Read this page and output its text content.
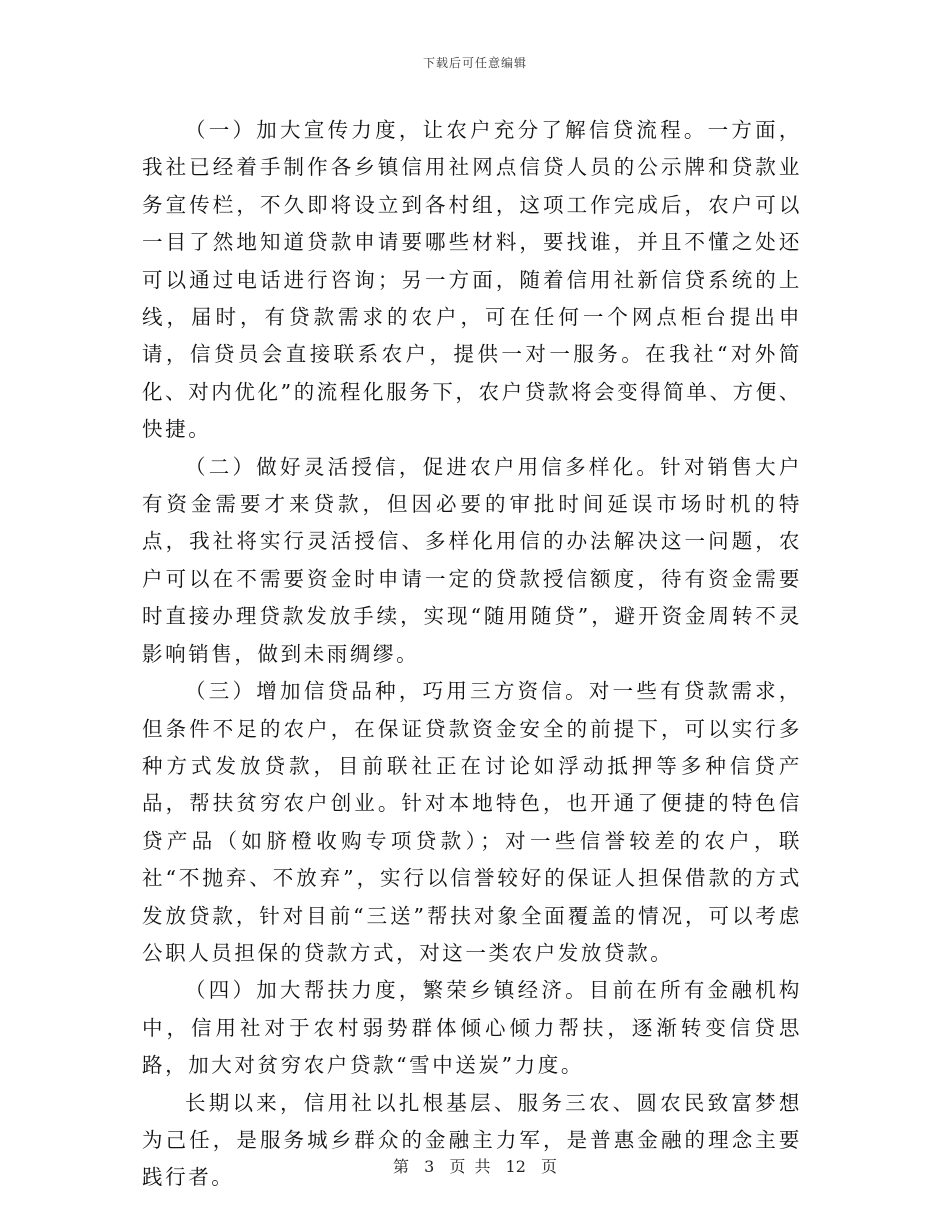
下载后可任意编辑

（一）加大宣传力度，让农户充分了解信贷流程。一方面，我社已经着手制作各乡镇信用社网点信贷人员的公示牌和贷款业务宣传栏，不久即将设立到各村组，这项工作完成后，农户可以一目了然地知道贷款申请要哪些材料，要找谁，并且不懂之处还可以通过电话进行咨询；另一方面，随着信用社新信贷系统的上线，届时，有贷款需求的农户，可在任何一个网点柜台提出申请，信贷员会直接联系农户，提供一对一服务。在我社“对外简化、对内优化”的流程化服务下，农户贷款将会变得简单、方便、快捷。

（二）做好灵活授信，促进农户用信多样化。针对销售大户有资金需要才来贷款，但因必要的审批时间延误市场时机的特点，我社将实行灵活授信、多样化用信的办法解决这一问题，农户可以在不需要资金时申请一定的贷款授信额度，待有资金需要时直接办理贷款发放手续，实现“随用随贷”，避开资金周转不灵影响销售，做到未雨绸缪。

（三）增加信贷品种，巧用三方资信。对一些有贷款需求，但条件不足的农户，在保证贷款资金安全的前提下，可以实行多种方式发放贷款，目前联社正在讨论如浮动抵押等多种信贷产品，帮扶贫穷农户创业。针对本地特色，也开通了便捷的特色信贷产品（如脐橙收购专项贷款）；对一些信誉较差的农户，联社“不抛弃、不放弃”，实行以信誉较好的保证人担保借款的方式发放贷款，针对目前“三送”帮扶对象全面覆盖的情况，可以考虑公职人员担保的贷款方式，对这一类农户发放贷款。

（四）加大帮扶力度，繁荣乡镇经济。目前在所有金融机构中，信用社对于农村弱势群体倾心倾力帮扶，逐渐转变信贷思路，加大对贫穷农户贷款“雪中送炭”力度。

长期以来，信用社以扎根基层、服务三农、圆农民致富梦想为己任，是服务城乡群众的金融主力军，是普惠金融的理念主要践行者。	第 3 页 共 12 页
